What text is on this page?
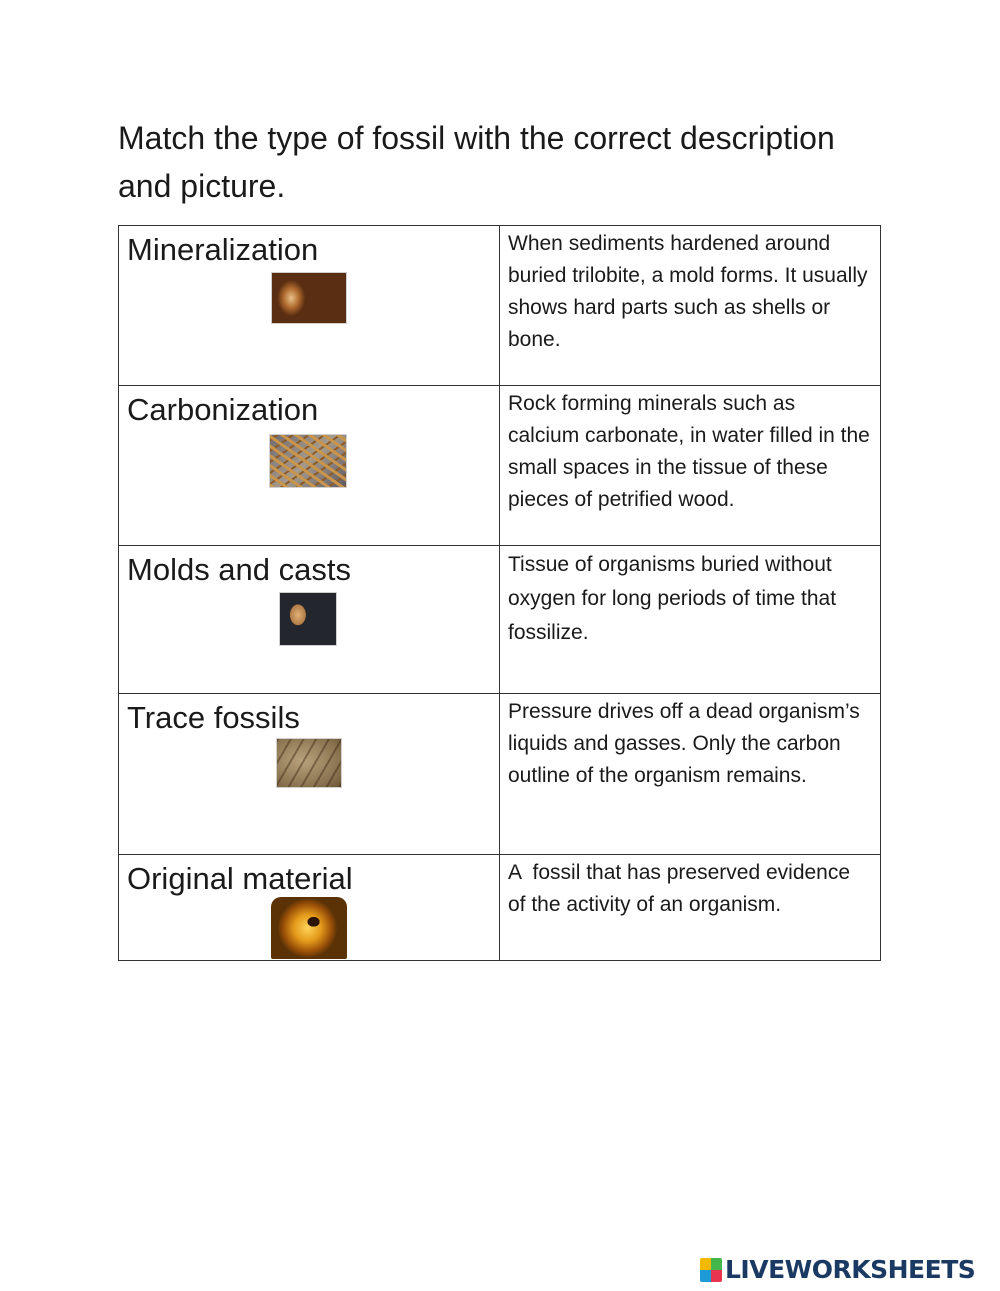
Match the type of fossil with the correct description
and picture.
Mineralization	When sediments hardened around buried trilobite, a mold forms. It usually shows hard parts such as shells or bone.

Carbonization	Rock forming minerals such as calcium carbonate, in water filled in the small spaces in the tissue of these pieces of petrified wood.

Molds and casts	Tissue of organisms buried without oxygen for long periods of time that fossilize.

Trace fossils	Pressure drives off a dead organism’s liquids and gasses. Only the carbon outline of the organism remains.

Original material	A  fossil that has preserved evidence of the activity of an organism.
LIVEWORKSHEETS
